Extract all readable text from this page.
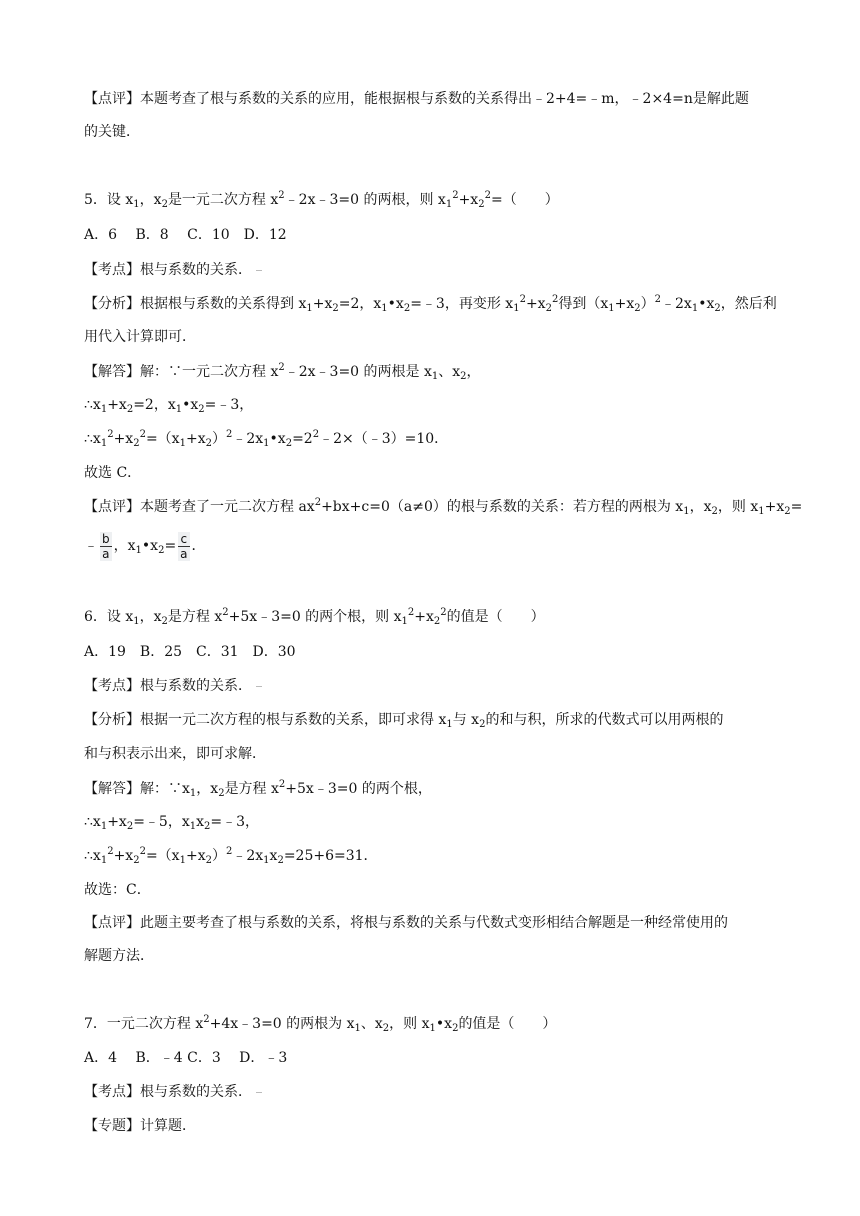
【点评】本题考查了根与系数的关系的应用，能根据根与系数的关系得出﹣2+4=﹣m，﹣2×4=n是解此题
的关键．
5．设 $x_1$，$x_2$是一元二次方程 $x^2﹣2x﹣3=0$ 的两根，则 $x_1^2+x_2^2=$（　　）
A．6　 B．8　 C．10　D．12
【考点】根与系数的关系．
【分析】根据根与系数的关系得到 $x_1+x_2=2$，$x_1•x_2=﹣3$，再变形 $x_1^2+x_2^2$得到$(x_1+x_2)^2﹣2x_1•x_2$，然后利
用代入计算即可．
【解答】解：∵一元二次方程 $x^2﹣2x﹣3=0$ 的两根是 $x_1$、$x_2$，
$\therefore x_1+x_2=2$，$x_1•x_2=﹣3$，
$\therefore x_1^2+x_2^2=(x_1+x_2)^2﹣2x_1•x_2=2^2﹣2\times(﹣3)=10$．
故选 C．
【点评】本题考查了一元二次方程 $ax^2+bx+c=0(a\ne 0)$的根与系数的关系：若方程的两根为 $x_1$，$x_2$，则 $x_1+x_2=$
﹣ $\frac{b}{a}$ ，$x_1•x_2= \frac{c}{a}$ ．
6．设 $x_1$，$x_2$是方程 $x^2+5x﹣3=0$ 的两个根，则 $x_1^2+x_2^2$的值是（　　）
A．19　B．25　C．31　D．30
【考点】根与系数的关系．
【分析】根据一元二次方程的根与系数的关系，即可求得 $x_1$与 $x_2$的和与积，所求的代数式可以用两根的
和与积表示出来，即可求解．
【解答】解：$\because x_1$，$x_2$是方程 $x^2+5x﹣3=0$ 的两个根，
$\therefore x_1+x_2=﹣5$，$x_1x_2=﹣3$，
$\therefore x_1^2+x_2^2=(x_1+x_2)^2﹣2x_1x_2=25+6=31$．
故选：C．
【点评】此题主要考查了根与系数的关系，将根与系数的关系与代数式变形相结合解题是一种经常使用的
解题方法．
7．一元二次方程 $x^2+4x﹣3=0$ 的两根为 $x_1$、$x_2$，则 $x_1•x_2$的值是（　　）
A．4　 B．﹣4 C．3　 D．﹣3
【考点】根与系数的关系．
【专题】计算题．
